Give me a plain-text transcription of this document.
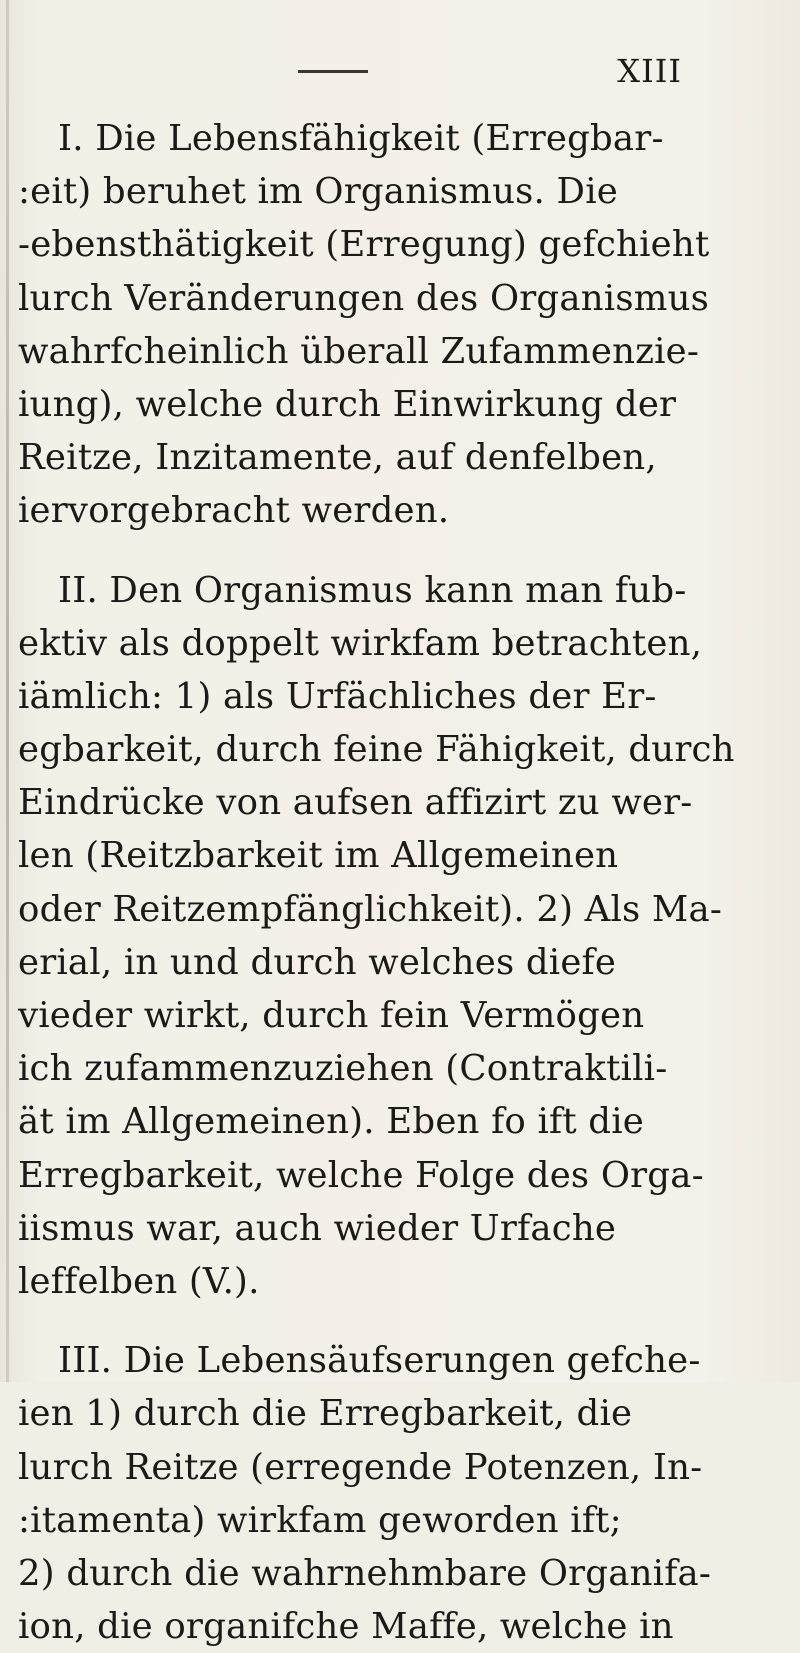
XIII
I. Die Lebensfähigkeit (Erregbar-
:eit) beruhet im Organismus. Die
-ebensthätigkeit (Erregung) gefchieht
lurch Veränderungen des Organismus
wahrfcheinlich überall Zufammenzie-
iung), welche durch Einwirkung der
Reitze, Inzitamente, auf denfelben,
iervorgebracht werden.
II. Den Organismus kann man fub-
ektiv als doppelt wirkfam betrachten,
iämlich: 1) als Urfächliches der Er-
egbarkeit, durch feine Fähigkeit, durch
Eindrücke von aufsen affizirt zu wer-
len (Reitzbarkeit im Allgemeinen
oder Reitzempfänglichkeit). 2) Als Ma-
erial, in und durch welches diefe
vieder wirkt, durch fein Vermögen
ich zufammenzuziehen (Contraktili-
ät im Allgemeinen). Eben fo ift die
Erregbarkeit, welche Folge des Orga-
iismus war, auch wieder Urfache
leffelben (V.).
III. Die Lebensäufserungen gefche-
ien 1) durch die Erregbarkeit, die
lurch Reitze (erregende Potenzen, In-
:itamenta) wirkfam geworden ift;
2) durch die wahrnehmbare Organifa-
ion, die organifche Maffe, welche in
